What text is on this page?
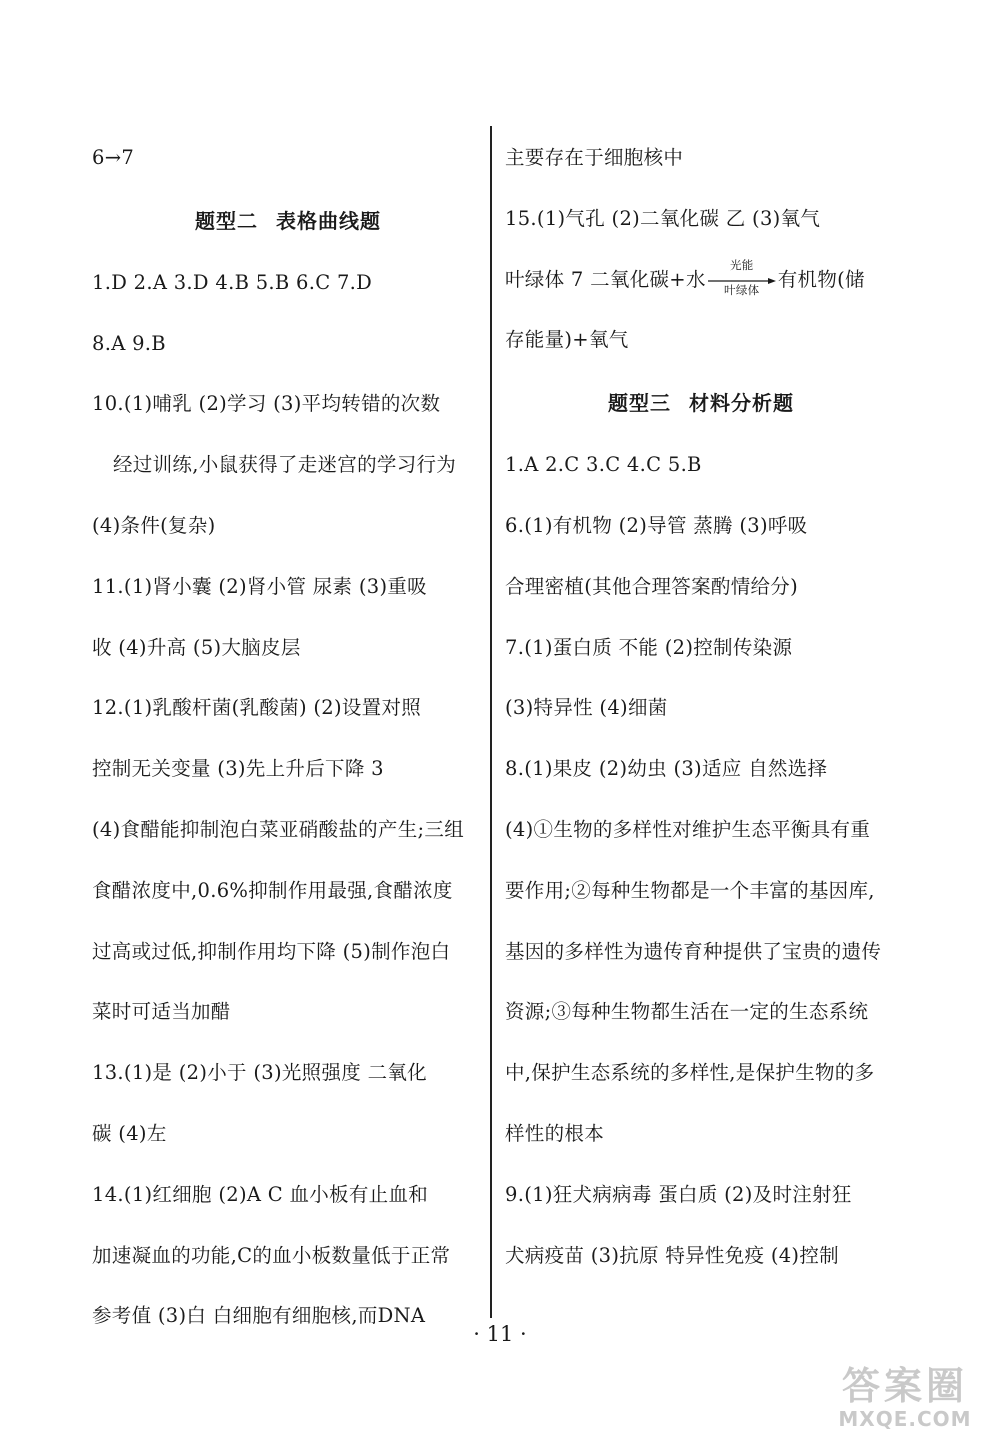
6→7
题型二 表格曲线题
1.D 2.A 3.D 4.B 5.B 6.C 7.D
8.A 9.B
10.(1)哺乳 (2)学习 (3)平均转错的次数
经过训练,小鼠获得了走迷宫的学习行为
(4)条件(复杂)
11.(1)肾小囊 (2)肾小管 尿素 (3)重吸
收 (4)升高 (5)大脑皮层
12.(1)乳酸杆菌(乳酸菌) (2)设置对照
控制无关变量 (3)先上升后下降 3
(4)食醋能抑制泡白菜亚硝酸盐的产生;三组
食醋浓度中,0.6%抑制作用最强,食醋浓度
过高或过低,抑制作用均下降 (5)制作泡白
菜时可适当加醋
13.(1)是 (2)小于 (3)光照强度 二氧化
碳 (4)左
14.(1)红细胞 (2)A C 血小板有止血和
加速凝血的功能,C的血小板数量低于正常
参考值 (3)白 白细胞有细胞核,而DNA
主要存在于细胞核中
15.(1)气孔 (2)二氧化碳 乙 (3)氧气
叶绿体 7 二氧化碳+水
光能
叶绿体 有机物(储
存能量)+氧气
题型三 材料分析题
1.A 2.C 3.C 4.C 5.B
6.(1)有机物 (2)导管 蒸腾 (3)呼吸
合理密植(其他合理答案酌情给分)
7.(1)蛋白质 不能 (2)控制传染源
(3)特异性 (4)细菌
8.(1)果皮 (2)幼虫 (3)适应 自然选择
(4)①生物的多样性对维护生态平衡具有重
要作用;②每种生物都是一个丰富的基因库,
基因的多样性为遗传育种提供了宝贵的遗传
资源;③每种生物都生活在一定的生态系统
中,保护生态系统的多样性,是保护生物的多
样性的根本
9.(1)狂犬病病毒 蛋白质 (2)及时注射狂
犬病疫苗 (3)抗原 特异性免疫 (4)控制
· 11 ·
答案圈
MXQE.COM
